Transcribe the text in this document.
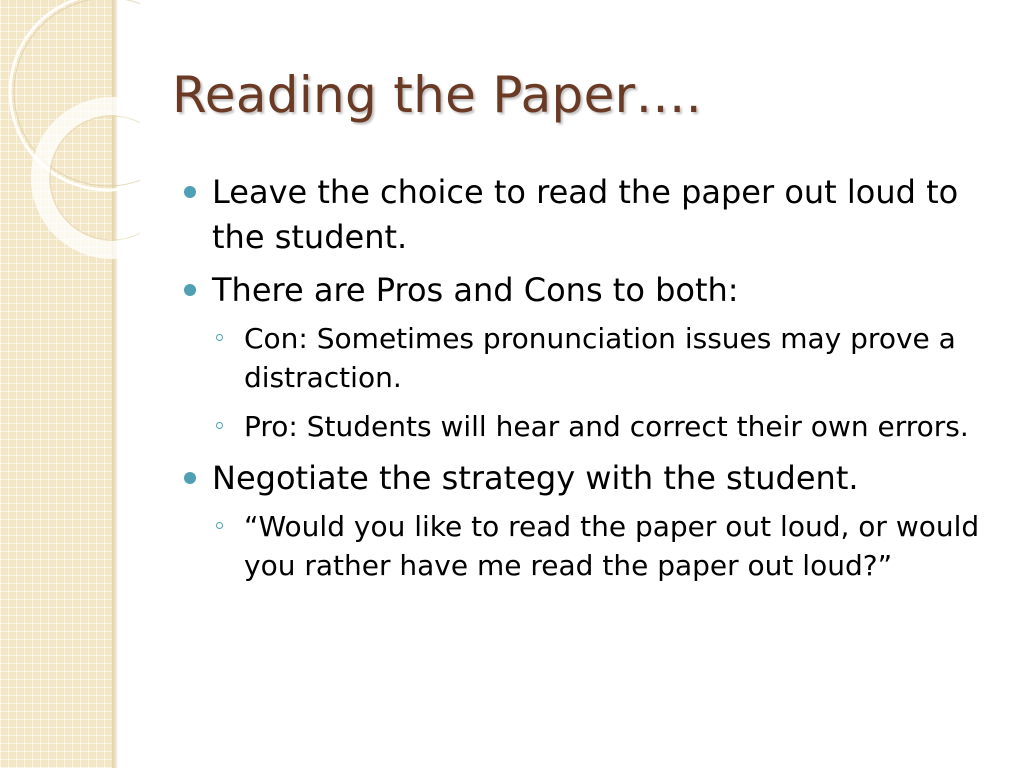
Reading the Paper….
Leave the choice to read the paper out loud to the student.
There are Pros and Cons to both:
Con: Sometimes pronunciation issues may prove a distraction.
Pro: Students will hear and correct their own errors.
Negotiate the strategy with the student.
“Would you like to read the paper out loud, or would you rather have me read the paper out loud?”
